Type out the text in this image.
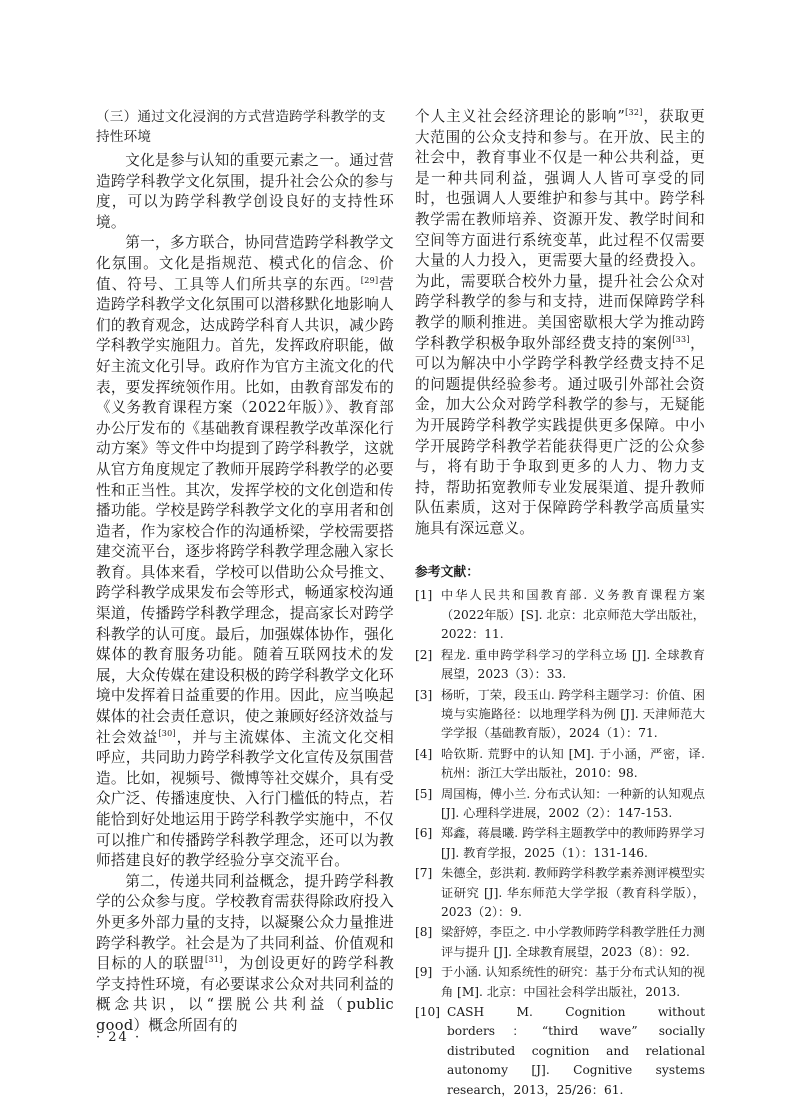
（三）通过文化浸润的方式营造跨学科教学的支持性环境

文化是参与认知的重要元素之一。通过营造跨学科教学文化氛围，提升社会公众的参与度，可以为跨学科教学创设良好的支持性环境。

第一，多方联合，协同营造跨学科教学文化氛围。文化是指规范、模式化的信念、价值、符号、工具等人们所共享的东西。[29]营造跨学科教学文化氛围可以潜移默化地影响人们的教育观念，达成跨学科育人共识，减少跨学科教学实施阻力。首先，发挥政府职能，做好主流文化引导。政府作为官方主流文化的代表，要发挥统领作用。比如，由教育部发布的《义务教育课程方案（2022年版）》、教育部办公厅发布的《基础教育课程教学改革深化行动方案》等文件中均提到了跨学科教学，这就从官方角度规定了教师开展跨学科教学的必要性和正当性。其次，发挥学校的文化创造和传播功能。学校是跨学科教学文化的享用者和创造者，作为家校合作的沟通桥梁，学校需要搭建交流平台，逐步将跨学科教学理念融入家长教育。具体来看，学校可以借助公众号推文、跨学科教学成果发布会等形式，畅通家校沟通渠道，传播跨学科教学理念，提高家长对跨学科教学的认可度。最后，加强媒体协作，强化媒体的教育服务功能。随着互联网技术的发展，大众传媒在建设积极的跨学科教学文化环境中发挥着日益重要的作用。因此，应当唤起媒体的社会责任意识，使之兼顾好经济效益与社会效益[30]，并与主流媒体、主流文化交相呼应，共同助力跨学科教学文化宣传及氛围营造。比如，视频号、微博等社交媒介，具有受众广泛、传播速度快、入行门槛低的特点，若能恰到好处地运用于跨学科教学实施中，不仅可以推广和传播跨学科教学理念，还可以为教师搭建良好的教学经验分享交流平台。

第二，传递共同利益概念，提升跨学科教学的公众参与度。学校教育需获得除政府投入外更多外部力量的支持，以凝聚公众力量推进跨学科教学。社会是为了共同利益、价值观和目标的人的联盟[31]，为创设更好的跨学科教学支持性环境，有必要谋求公众对共同利益的概念共识，以“摆脱公共利益（public good）概念所固有的

个人主义社会经济理论的影响”[32]，获取更大范围的公众支持和参与。在开放、民主的社会中，教育事业不仅是一种公共利益，更是一种共同利益，强调人人皆可享受的同时，也强调人人要维护和参与其中。跨学科教学需在教师培养、资源开发、教学时间和空间等方面进行系统变革，此过程不仅需要大量的人力投入，更需要大量的经费投入。为此，需要联合校外力量，提升社会公众对跨学科教学的参与和支持，进而保障跨学科教学的顺利推进。美国密歇根大学为推动跨学科教学积极争取外部经费支持的案例[33]，可以为解决中小学跨学科教学经费支持不足的问题提供经验参考。通过吸引外部社会资金，加大公众对跨学科教学的参与，无疑能为开展跨学科教学实践提供更多保障。中小学开展跨学科教学若能获得更广泛的公众参与，将有助于争取到更多的人力、物力支持，帮助拓宽教师专业发展渠道、提升教师队伍素质，这对于保障跨学科教学高质量实施具有深远意义。

参考文献：

[1] 中华人民共和国教育部. 义务教育课程方案（2022年版）[S]. 北京：北京师范大学出版社，2022：11.
[2] 程龙. 重申跨学科学习的学科立场 [J]. 全球教育展望，2023（3）：33.
[3] 杨昕，丁荣，段玉山. 跨学科主题学习：价值、困境与实施路径：以地理学科为例 [J]. 天津师范大学学报（基础教育版），2024（1）：71.
[4] 哈钦斯. 荒野中的认知 [M]. 于小涵，严密，译. 杭州：浙江大学出版社，2010：98.
[5] 周国梅，傅小兰. 分布式认知：一种新的认知观点 [J]. 心理科学进展，2002（2）：147-153.
[6] 郑鑫，蒋晨曦. 跨学科主题教学中的教师跨界学习 [J]. 教育学报，2025（1）：131-146.
[7] 朱德全，彭洪莉. 教师跨学科教学素养测评模型实证研究 [J]. 华东师范大学学报（教育科学版），2023（2）：9.
[8] 梁舒婷，李臣之. 中小学教师跨学科教学胜任力测评与提升 [J]. 全球教育展望，2023（8）：92.
[9] 于小涵. 认知系统性的研究：基于分布式认知的视角 [M]. 北京：中国社会科学出版社，2013.
[10] CASH M. Cognition without borders：“third wave” socially distributed cognition and relational autonomy [J]. Cognitive systems research，2013，25/26：61.
· 24 ·
